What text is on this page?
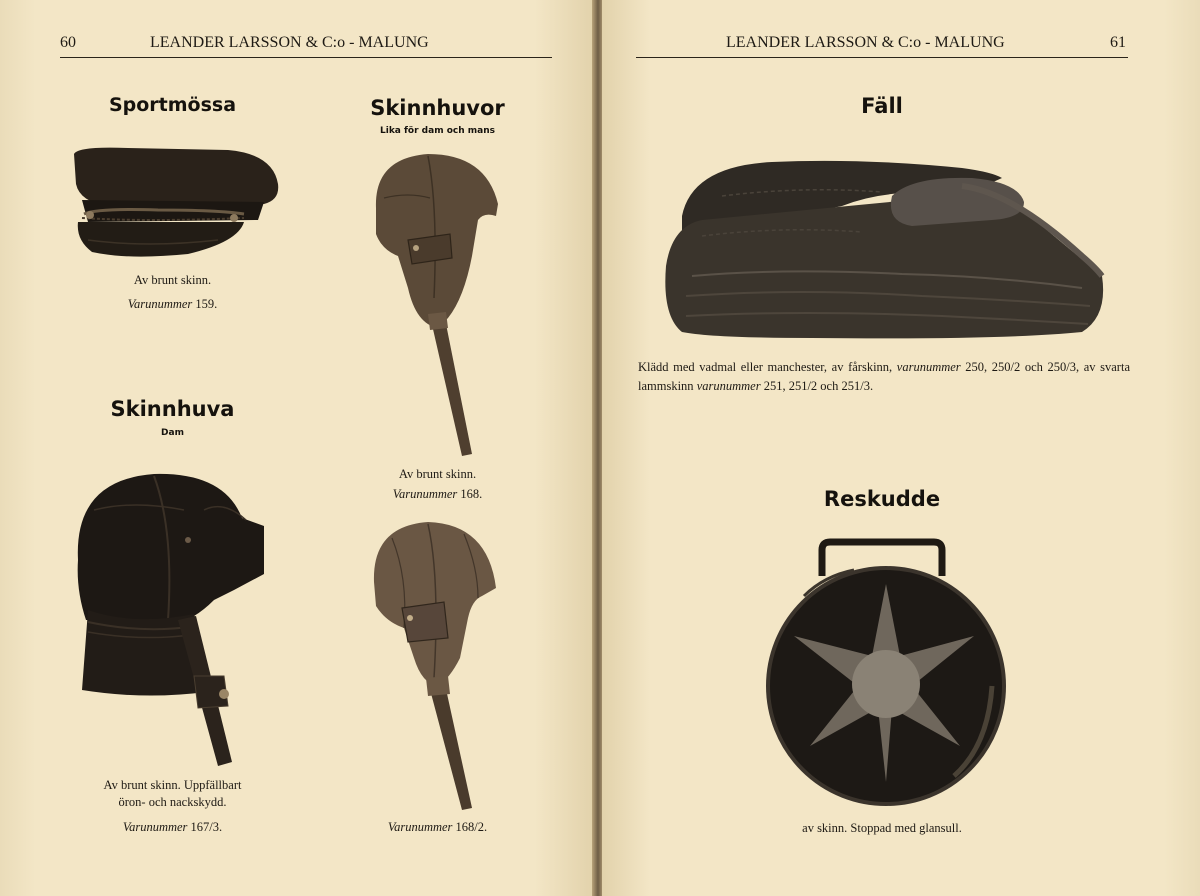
60	LEANDER LARSSON & C:o - MALUNG
Sportmössa
Av brunt skinn.
Varunummer 159.
Skinnhuvor
Lika för dam och mans
Av brunt skinn.
Varunummer 168.
Skinnhuva
Dam
Av brunt skinn. Uppfällbart
öron- och nackskydd.
Varunummer 167/3.	Varunummer 168/2.
LEANDER LARSSON & C:o - MALUNG	61
Fäll
Klädd med vadmal eller manchester, av fårskinn, varunummer 250, 250/2 och 250/3, av svarta lammskinn varunummer 251, 251/2 och 251/3.
Reskudde
av skinn. Stoppad med glansull.
